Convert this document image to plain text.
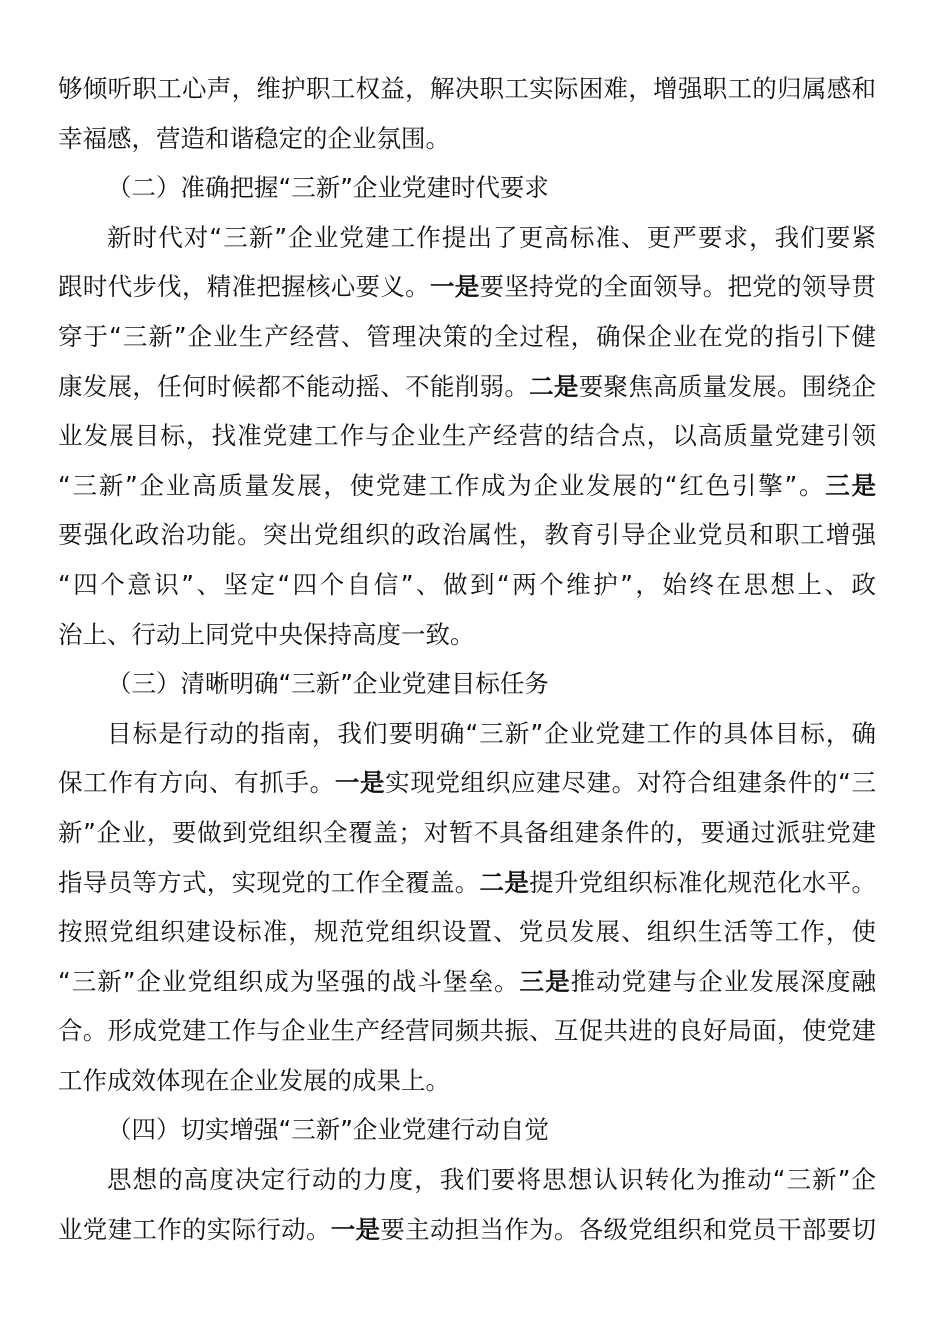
够倾听职工心声，维护职工权益，解决职工实际困难，增强职工的归属感和
幸福感，营造和谐稳定的企业氛围。
（二）准确把握“三新”企业党建时代要求
新时代对“三新”企业党建工作提出了更高标准、更严要求，我们要紧
跟时代步伐，精准把握核心要义。一是要坚持党的全面领导。把党的领导贯
穿于“三新”企业生产经营、管理决策的全过程，确保企业在党的指引下健
康发展，任何时候都不能动摇、不能削弱。二是要聚焦高质量发展。围绕企
业发展目标，找准党建工作与企业生产经营的结合点，以高质量党建引领
“三新”企业高质量发展，使党建工作成为企业发展的“红色引擎”。三是
要强化政治功能。突出党组织的政治属性，教育引导企业党员和职工增强
“四个意识”、坚定“四个自信”、做到“两个维护”，始终在思想上、政
治上、行动上同党中央保持高度一致。
（三）清晰明确“三新”企业党建目标任务
目标是行动的指南，我们要明确“三新”企业党建工作的具体目标，确
保工作有方向、有抓手。一是实现党组织应建尽建。对符合组建条件的“三
新”企业，要做到党组织全覆盖；对暂不具备组建条件的，要通过派驻党建
指导员等方式，实现党的工作全覆盖。二是提升党组织标准化规范化水平。
按照党组织建设标准，规范党组织设置、党员发展、组织生活等工作，使
“三新”企业党组织成为坚强的战斗堡垒。三是推动党建与企业发展深度融
合。形成党建工作与企业生产经营同频共振、互促共进的良好局面，使党建
工作成效体现在企业发展的成果上。
（四）切实增强“三新”企业党建行动自觉
思想的高度决定行动的力度，我们要将思想认识转化为推动“三新”企
业党建工作的实际行动。一是要主动担当作为。各级党组织和党员干部要切
